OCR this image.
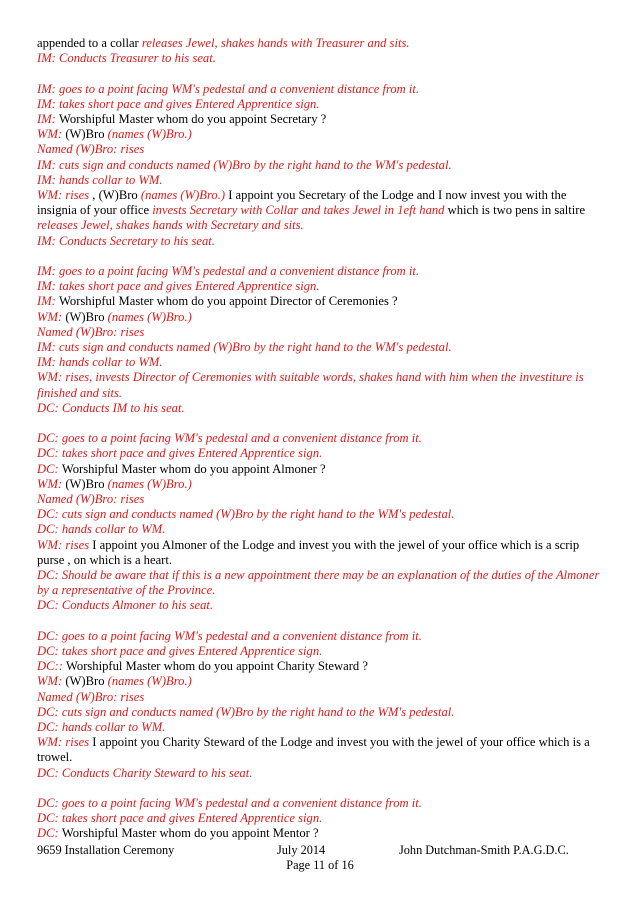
appended to a collar releases Jewel, shakes hands with Treasurer and sits.
IM: Conducts Treasurer to his seat.
IM: goes to a point facing WM's pedestal and a convenient distance from it.
IM: takes short pace and gives Entered Apprentice sign.
IM: Worshipful Master whom do you appoint Secretary ?
WM: (W)Bro (names (W)Bro.)
Named (W)Bro: rises
IM: cuts sign and conducts named (W)Bro by the right hand to the WM's pedestal.
IM: hands collar to WM.
WM: rises , (W)Bro (names (W)Bro.) I appoint you Secretary of the Lodge and I now invest you with the insignia of your office invests Secretary with Collar and takes Jewel in 1eft hand which is two pens in saltire releases Jewel, shakes hands with Secretary and sits.
IM: Conducts Secretary to his seat.
IM: goes to a point facing WM's pedestal and a convenient distance from it.
IM: takes short pace and gives Entered Apprentice sign.
IM: Worshipful Master whom do you appoint Director of Ceremonies ?
WM: (W)Bro (names (W)Bro.)
Named (W)Bro: rises
IM: cuts sign and conducts named (W)Bro by the right hand to the WM's pedestal.
IM: hands collar to WM.
WM: rises, invests Director of Ceremonies with suitable words, shakes hand with him when the investiture is finished and sits.
DC: Conducts IM to his seat.
DC: goes to a point facing WM's pedestal and a convenient distance from it.
DC: takes short pace and gives Entered Apprentice sign.
DC: Worshipful Master whom do you appoint Almoner ?
WM: (W)Bro (names (W)Bro.)
Named (W)Bro: rises
DC: cuts sign and conducts named (W)Bro by the right hand to the WM's pedestal.
DC: hands collar to WM.
WM: rises I appoint you Almoner of the Lodge and invest you with the jewel of your office which is a scrip purse , on which is a heart.
DC: Should be aware that if this is a new appointment there may be an explanation of the duties of the Almoner by a representative of the Province.
DC: Conducts Almoner to his seat.
DC: goes to a point facing WM's pedestal and a convenient distance from it.
DC: takes short pace and gives Entered Apprentice sign.
DC:: Worshipful Master whom do you appoint Charity Steward ?
WM: (W)Bro (names (W)Bro.)
Named (W)Bro: rises
DC: cuts sign and conducts named (W)Bro by the right hand to the WM's pedestal.
DC: hands collar to WM.
WM: rises I appoint you Charity Steward of the Lodge and invest you with the jewel of your office which is a trowel.
DC: Conducts Charity Steward to his seat.
DC: goes to a point facing WM's pedestal and a convenient distance from it.
DC: takes short pace and gives Entered Apprentice sign.
DC: Worshipful Master whom do you appoint Mentor ?
9659 Installation Ceremony	July 2014	John Dutchman-Smith P.A.G.D.C.
Page 11 of 16
